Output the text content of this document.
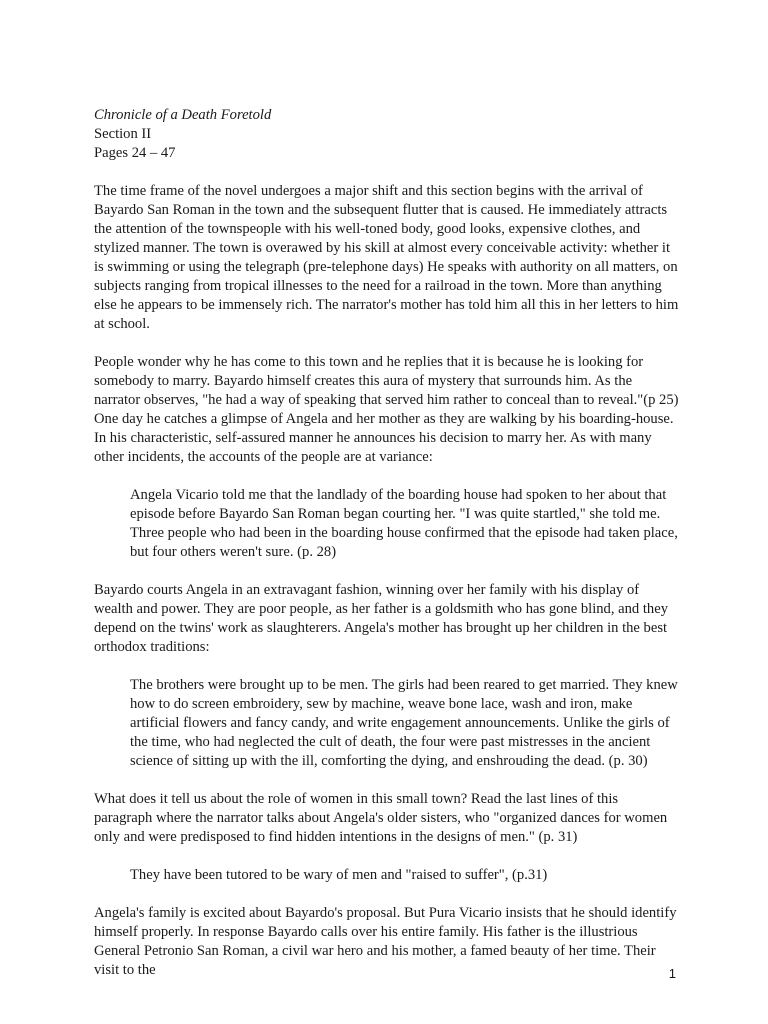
Chronicle of a Death Foretold

Section II

Pages 24 – 47

The time frame of the novel undergoes a major shift and this section begins with the arrival of Bayardo San Roman in the town and the subsequent flutter that is caused. He immediately attracts the attention of the townspeople with his well-toned body, good looks, expensive clothes, and stylized manner. The town is overawed by his skill at almost every conceivable activity: whether it is swimming or using the telegraph (pre-telephone days) He speaks with authority on all matters, on subjects ranging from tropical illnesses to the need for a railroad in the town. More than anything else he appears to be immensely rich. The narrator's mother has told him all this in her letters to him at school.

People wonder why he has come to this town and he replies that it is because he is looking for somebody to marry. Bayardo himself creates this aura of mystery that surrounds him. As the narrator observes, "he had a way of speaking that served him rather to conceal than to reveal."(p 25) One day he catches a glimpse of Angela and her mother as they are walking by his boarding-house. In his characteristic, self-assured manner he announces his decision to marry her. As with many other incidents, the accounts of the people are at variance:

Angela Vicario told me that the landlady of the boarding house had spoken to her about that episode before Bayardo San Roman began courting her. "I was quite startled," she told me. Three people who had been in the boarding house confirmed that the episode had taken place, but four others weren't sure. (p. 28)

Bayardo courts Angela in an extravagant fashion, winning over her family with his display of wealth and power. They are poor people, as her father is a goldsmith who has gone blind, and they depend on the twins' work as slaughterers. Angela's mother has brought up her children in the best orthodox traditions:

The brothers were brought up to be men. The girls had been reared to get married. They knew how to do screen embroidery, sew by machine, weave bone lace, wash and iron, make artificial flowers and fancy candy, and write engagement announcements. Unlike the girls of the time, who had neglected the cult of death, the four were past mistresses in the ancient science of sitting up with the ill, comforting the dying, and enshrouding the dead. (p. 30)

What does it tell us about the role of women in this small town? Read the last lines of this paragraph where the narrator talks about Angela's older sisters, who "organized dances for women only and were predisposed to find hidden intentions in the designs of men." (p. 31)

They have been tutored to be wary of men and "raised to suffer", (p.31)

Angela's family is excited about Bayardo's proposal. But Pura Vicario insists that he should identify himself properly. In response Bayardo calls over his entire family. His father is the illustrious General Petronio San Roman, a civil war hero and his mother, a famed beauty of her time. Their visit to the	1
